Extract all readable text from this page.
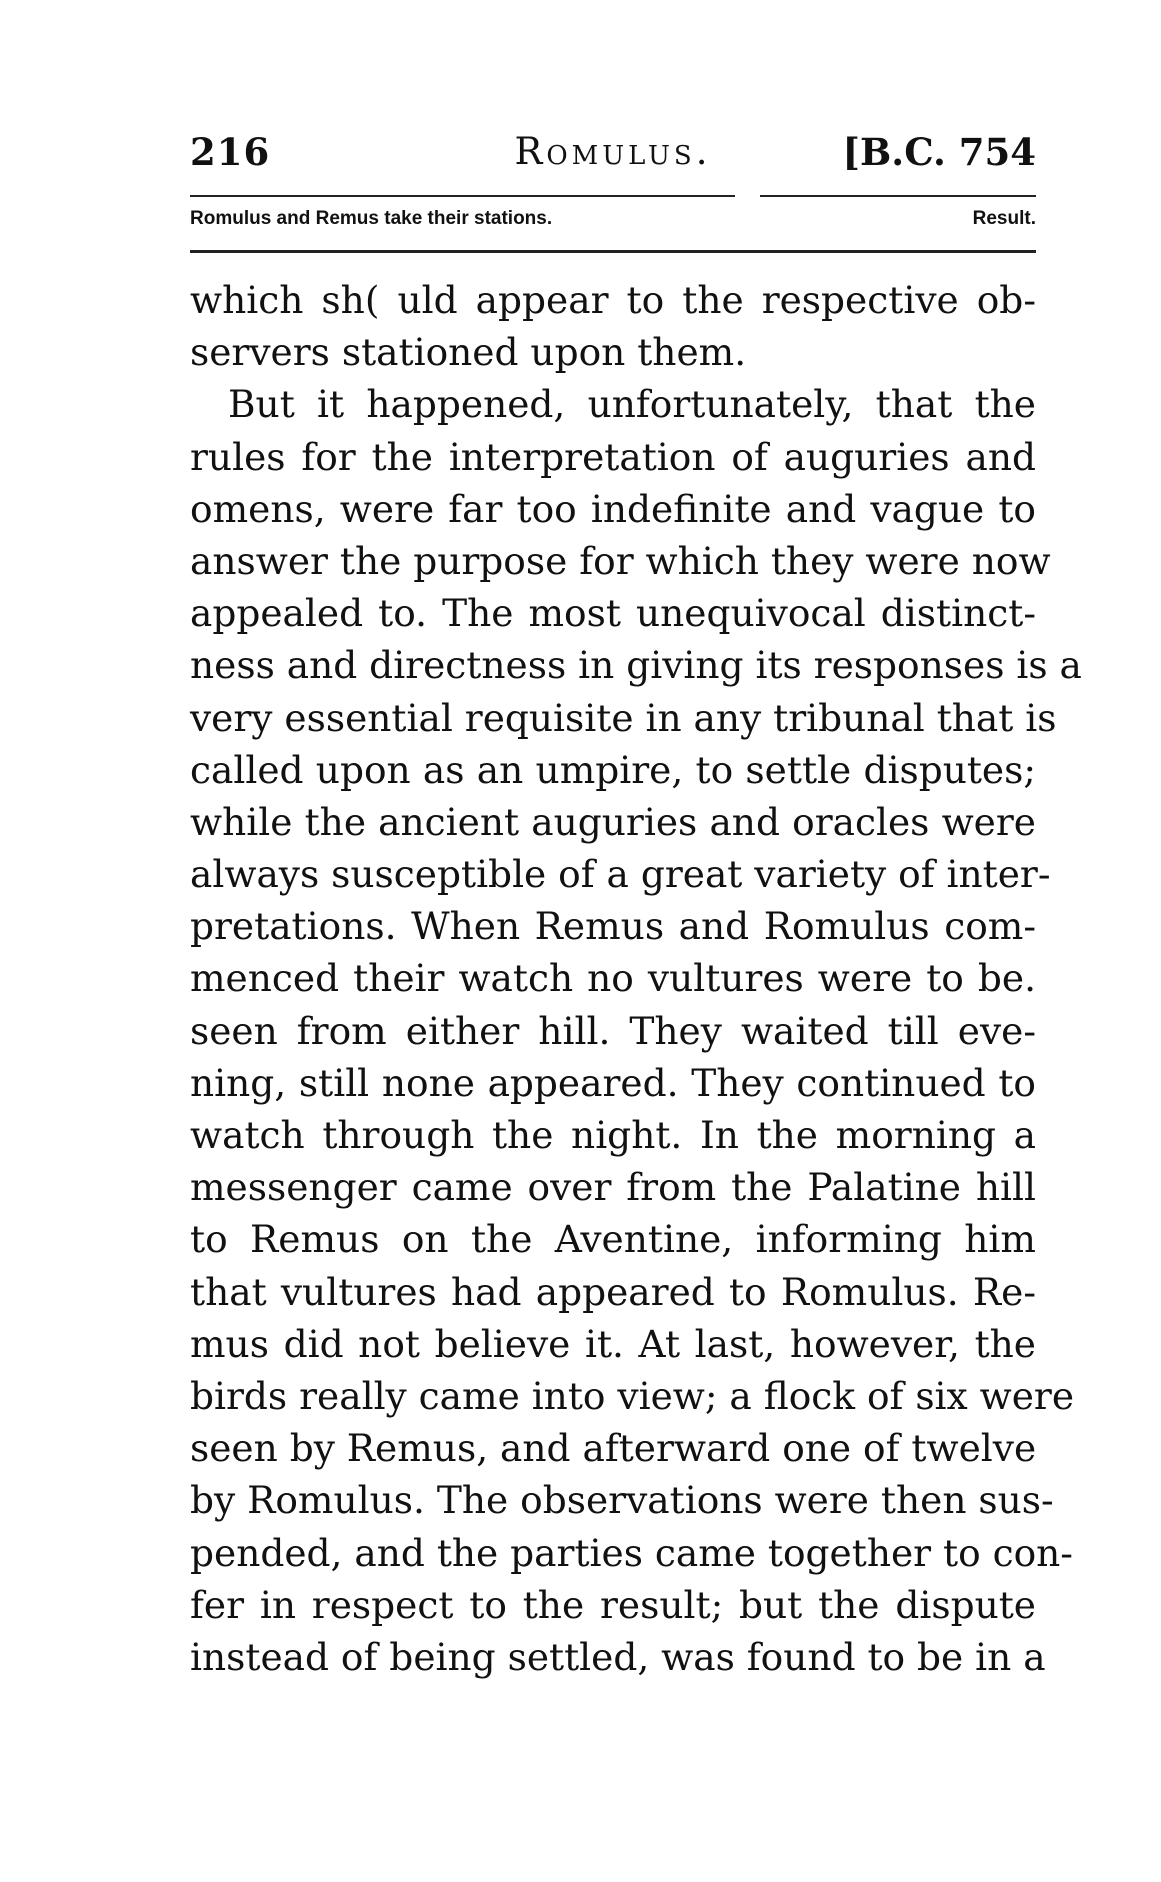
216	Romulus.	[B.C. 754
Romulus and Remus take their stations.	Result.
which sh( uld appear to the respective ob-
servers stationed upon them.
But it happened, unfortunately, that the
rules for the interpretation of auguries and
omens, were far too indefinite and vague to
answer the purpose for which they were now
appealed to. The most unequivocal distinct-
ness and directness in giving its responses is a
very essential requisite in any tribunal that is
called upon as an umpire, to settle disputes;
while the ancient auguries and oracles were
always susceptible of a great variety of inter-
pretations. When Remus and Romulus com-
menced their watch no vultures were to be.
seen from either hill. They waited till eve-
ning, still none appeared. They continued to
watch through the night. In the morning a
messenger came over from the Palatine hill
to Remus on the Aventine, informing him
that vultures had appeared to Romulus. Re-
mus did not believe it. At last, however, the
birds really came into view; a flock of six were
seen by Remus, and afterward one of twelve
by Romulus. The observations were then sus-
pended, and the parties came together to con-
fer in respect to the result; but the dispute
instead of being settled, was found to be in a
